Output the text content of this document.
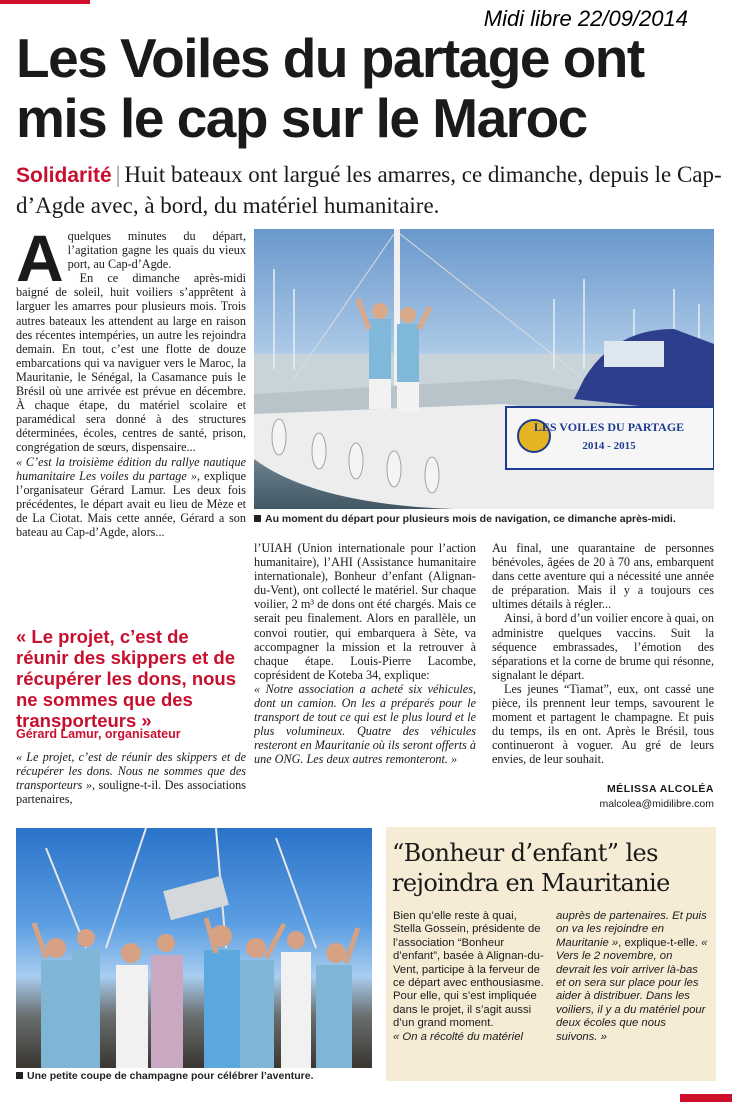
Midi libre 22/09/2014
Les Voiles du partage ont mis le cap sur le Maroc
Solidarité | Huit bateaux ont largué les amarres, ce dimanche, depuis le Cap-d’Agde avec, à bord, du matériel humanitaire.
A quelques minutes du départ, l’agitation gagne les quais du vieux port, au Cap-d’Agde.

En ce dimanche après-midi baigné de soleil, huit voiliers s’apprêtent à larguer les amarres pour plusieurs mois. Trois autres bateaux les attendent au large en raison des récentes intempéries, un autre les rejoindra demain. En tout, c’est une flotte de douze embarcations qui va naviguer vers le Maroc, la Mauritanie, le Sénégal, la Casamance puis le Brésil où une arrivée est prévue en décembre. À chaque étape, du matériel scolaire et paramédical sera donné à des structures déterminées, écoles, centres de santé, prison, congrégation de sœurs, dispensaire...

« C’est la troisième édition du rallye nautique humanitaire Les voiles du partage », explique l’organisateur Gérard Lamur. Les deux fois précédentes, le départ avait eu lieu de Mèze et de La Ciotat. Mais cette année, Gérard a son bateau au Cap-d’Agde, alors...

« Le projet, c’est de réunir des skippers et de récupérer les dons, nous ne sommes que des transporteurs »
Gérard Lamur, organisateur

« Le projet, c’est de réunir des skippers et de récupérer les dons. Nous ne sommes que des transporteurs », souligne-t-il. Des associations partenaires,

LES VOILES DU PARTAGE
2014 - 2015
Au moment du départ pour plusieurs mois de navigation, ce dimanche après-midi.

l’UIAH (Union internationale pour l’action humanitaire), l’AHI (Assistance humanitaire internationale), Bonheur d’enfant (Alignan-du-Vent), ont collecté le matériel. Sur chaque voilier, 2 m³ de dons ont été chargés. Mais ce serait peu finalement. Alors en parallèle, un convoi routier, qui embarquera à Sète, va accompagner la mission et la retrouver à chaque étape. Louis-Pierre Lacombe, coprésident de Koteba 34, explique:

« Notre association a acheté six véhicules, dont un camion. On les a préparés pour le transport de tout ce qui est le plus lourd et le plus volumineux. Quatre des véhicules resteront en Mauritanie où ils seront offerts à une ONG. Les deux autres remonteront. »

Au final, une quarantaine de personnes bénévoles, âgées de 20 à 70 ans, embarquent dans cette aventure qui a nécessité une année de préparation. Mais il y a toujours ces ultimes détails à régler...

Ainsi, à bord d’un voilier encore à quai, on administre quelques vaccins. Suit la séquence embrassades, l’émotion des séparations et la corne de brume qui résonne, signalant le départ.

Les jeunes “Tiamat”, eux, ont cassé une pièce, ils prennent leur temps, savourent le moment et partagent le champagne. Et puis du temps, ils en ont. Après le Brésil, tous continueront à voguer. Au gré de leurs envies, de leur souhait.

MÉLISSA ALCOLÉA
malcolea@midilibre.com
Une petite coupe de champagne pour célébrer l’aventure.
“Bonheur d’enfant” les rejoindra en Mauritanie

Bien qu’elle reste à quai, Stella Gossein, présidente de l’association “Bonheur d’enfant”, basée à Alignan-du-Vent, participe à la ferveur de ce départ avec enthousiasme. Pour elle, qui s’est impliquée dans le projet, il s’agit aussi d’un grand moment.

« On a récolté du matériel

auprès de partenaires. Et puis on va les rejoindre en Mauritanie », explique-t-elle. « Vers le 2 novembre, on devrait les voir arriver là-bas et on sera sur place pour les aider à distribuer. Dans les voiliers, il y a du matériel pour deux écoles que nous suivons. »
